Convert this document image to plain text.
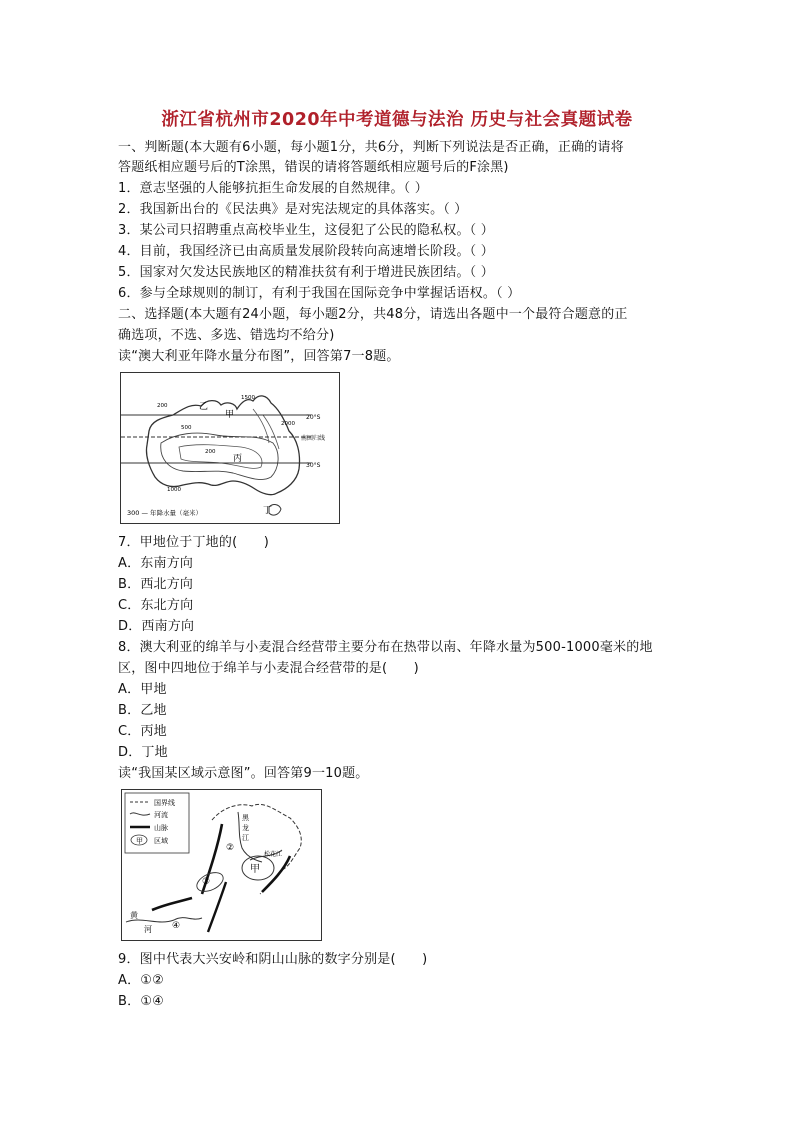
浙江省杭州市2020年中考道德与法治 历史与社会真题试卷
一、判断题(本大题有6小题，每小题1分，共6分，判断下列说法是否正确，正确的请将
答题纸相应题号后的T涂黑，错误的请将答题纸相应题号后的F涂黑)
1．意志坚强的人能够抗拒生命发展的自然规律。（ ）
2．我国新出台的《民法典》是对宪法规定的具体落实。（ ）
3．某公司只招聘重点高校毕业生，这侵犯了公民的隐私权。（ ）
4．目前，我国经济已由高质量发展阶段转向高速增长阶段。（ ）
5．国家对欠发达民族地区的精准扶贫有利于增进民族团结。（ ）
6．参与全球规则的制订，有利于我国在国际竞争中掌握话语权。（ ）
二、选择题(本大题有24小题，每小题2分，共48分，请选出各题中一个最符合题意的正
确选项，不选、多选、错选均不给分)
读“澳大利亚年降水量分布图”，回答第7一8题。
20°S
南回归线
30°S
甲
乙
丙
丁
200
500
1000
1500
2000
200
300 — 年降水量（毫米）
7．甲地位于丁地的(　　)
A．东南方向
B．西北方向
C．东北方向
D．西南方向
8．澳大利亚的绵羊与小麦混合经营带主要分布在热带以南、年降水量为500-1000毫米的地
区，图中四地位于绵羊与小麦混合经营带的是(　　)
A．甲地
B．乙地
C．丙地
D．丁地
读“我国某区域示意图”。回答第9一10题。
甲
国界线
河流
山脉
区域
甲
②
③
④
黑
龙
江
松花江
黄
河
9．图中代表大兴安岭和阴山山脉的数字分别是(　　)
A．①②
B．①④
